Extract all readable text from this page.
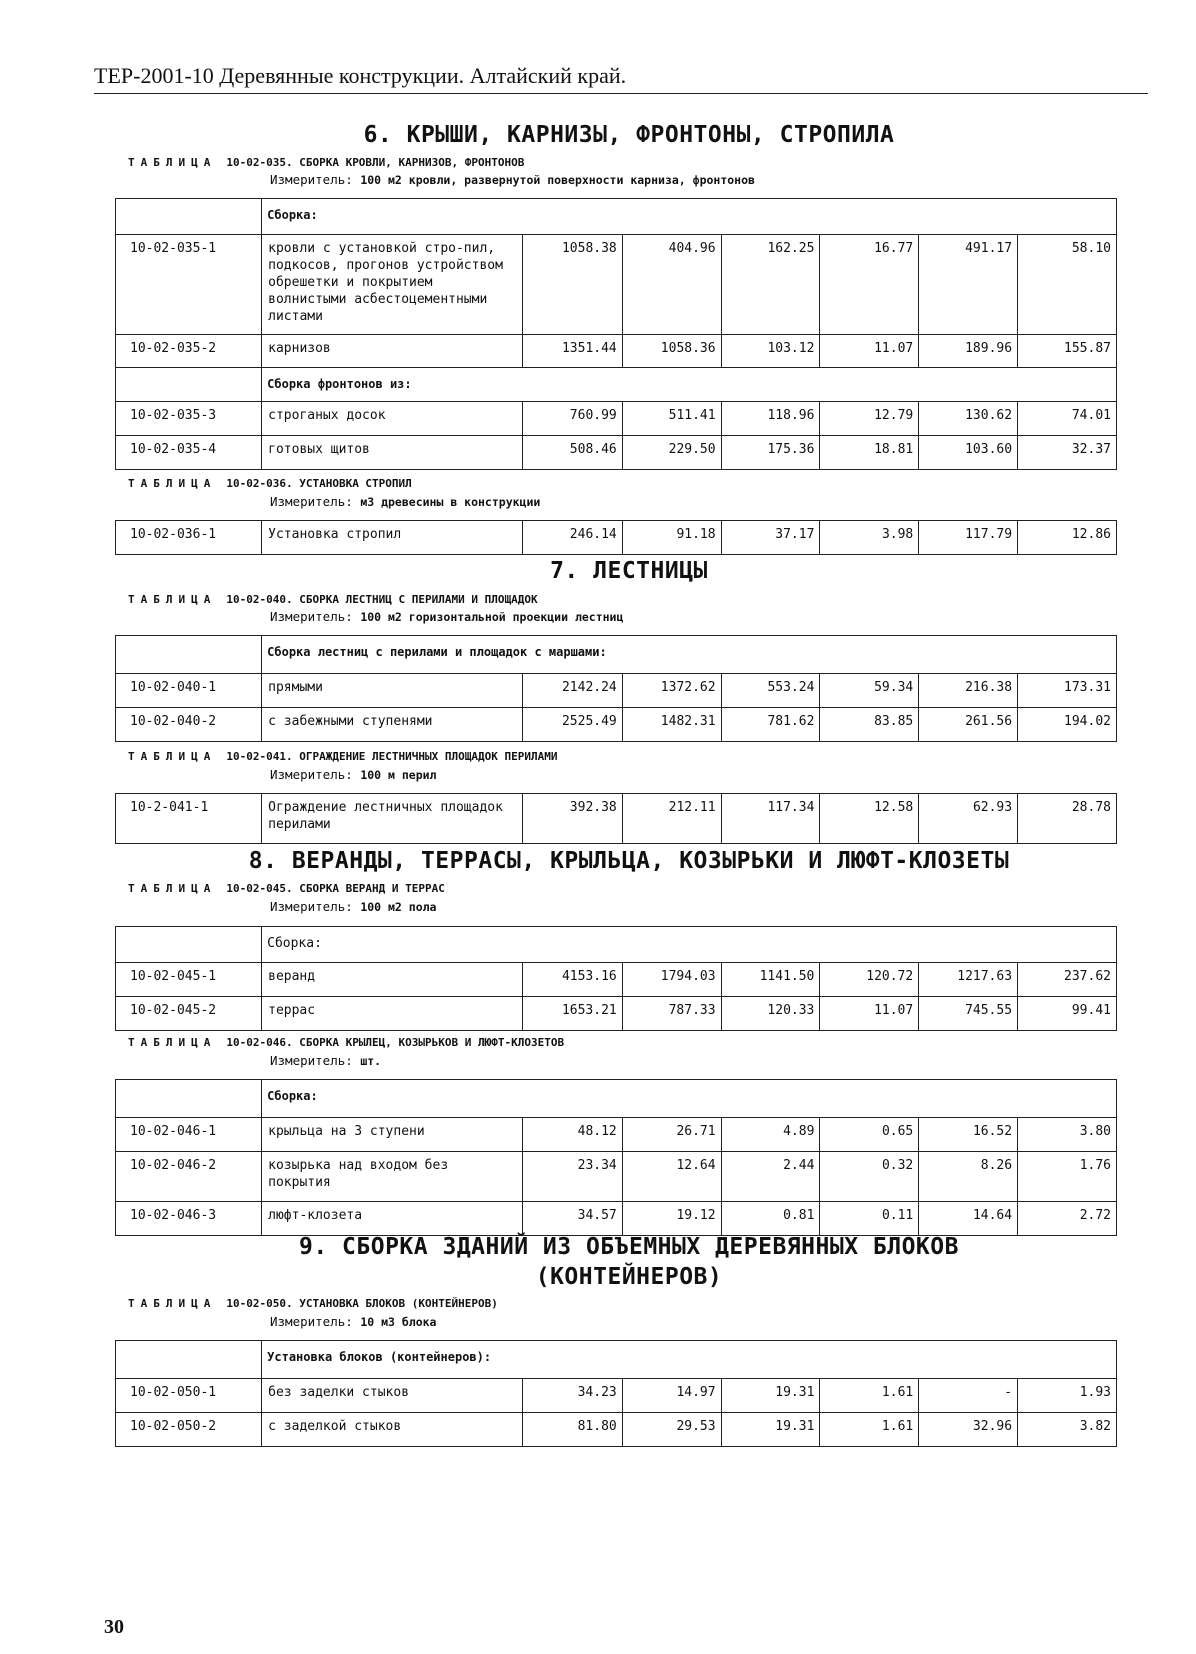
ТЕР-2001-10 Деревянные конструкции. Алтайский край.
6. КРЫШИ, КАРНИЗЫ, ФРОНТОНЫ, СТРОПИЛА
ТАБЛИЦА 10-02-035. СБОРКА КРОВЛИ, КАРНИЗОВ, ФРОНТОНОВ
Измеритель: 100 м2 кровли, развернутой поверхности карниза, фронтонов
	Сборка:						
10-02-035-1	кровли с установкой стро-пил, подкосов, прогонов устройством обрешетки и покрытием волнистыми асбестоцементными листами	1058.38	404.96	162.25	16.77	491.17	58.10
10-02-035-2	карнизов	1351.44	1058.36	103.12	11.07	189.96	155.87
	Сборка фронтонов из:						
10-02-035-3	строганых досок	760.99	511.41	118.96	12.79	130.62	74.01
10-02-035-4	готовых щитов	508.46	229.50	175.36	18.81	103.60	32.37
ТАБЛИЦА 10-02-036. УСТАНОВКА СТРОПИЛ
Измеритель: м3 древесины в конструкции
10-02-036-1	Установка стропил	246.14	91.18	37.17	3.98	117.79	12.86
7. ЛЕСТНИЦЫ
ТАБЛИЦА 10-02-040. СБОРКА ЛЕСТНИЦ С ПЕРИЛАМИ И ПЛОЩАДОК
Измеритель: 100 м2 горизонтальной проекции лестниц
	Сборка лестниц с перилами и площадок с маршами:						
10-02-040-1	прямыми	2142.24	1372.62	553.24	59.34	216.38	173.31
10-02-040-2	с забежными ступенями	2525.49	1482.31	781.62	83.85	261.56	194.02
ТАБЛИЦА 10-02-041. ОГРАЖДЕНИЕ ЛЕСТНИЧНЫХ ПЛОЩАДОК ПЕРИЛАМИ
Измеритель: 100 м перил
10-2-041-1	Ограждение лестничных площадок перилами	392.38	212.11	117.34	12.58	62.93	28.78
8. ВЕРАНДЫ, ТЕРРАСЫ, КРЫЛЬЦА, КОЗЫРЬКИ И ЛЮФТ-КЛОЗЕТЫ
ТАБЛИЦА 10-02-045. СБОРКА ВЕРАНД И ТЕРРАС
Измеритель: 100 м2 пола
	Сборка:						
10-02-045-1	веранд	4153.16	1794.03	1141.50	120.72	1217.63	237.62
10-02-045-2	террас	1653.21	787.33	120.33	11.07	745.55	99.41
ТАБЛИЦА 10-02-046. СБОРКА КРЫЛЕЦ, КОЗЫРЬКОВ И ЛЮФТ-КЛОЗЕТОВ
Измеритель: шт.
	Сборка:						
10-02-046-1	крыльца на 3 ступени	48.12	26.71	4.89	0.65	16.52	3.80
10-02-046-2	козырька над входом без покрытия	23.34	12.64	2.44	0.32	8.26	1.76
10-02-046-3	люфт-клозета	34.57	19.12	0.81	0.11	14.64	2.72
9. СБОРКА ЗДАНИЙ ИЗ ОБЪЕМНЫХ ДЕРЕВЯННЫХ БЛОКОВ
(КОНТЕЙНЕРОВ)
ТАБЛИЦА 10-02-050. УСТАНОВКА БЛОКОВ (КОНТЕЙНЕРОВ)
Измеритель: 10 м3 блока
	Установка блоков (контейнеров):						
10-02-050-1	без заделки стыков	34.23	14.97	19.31	1.61	-	1.93
10-02-050-2	с заделкой стыков	81.80	29.53	19.31	1.61	32.96	3.82
30
